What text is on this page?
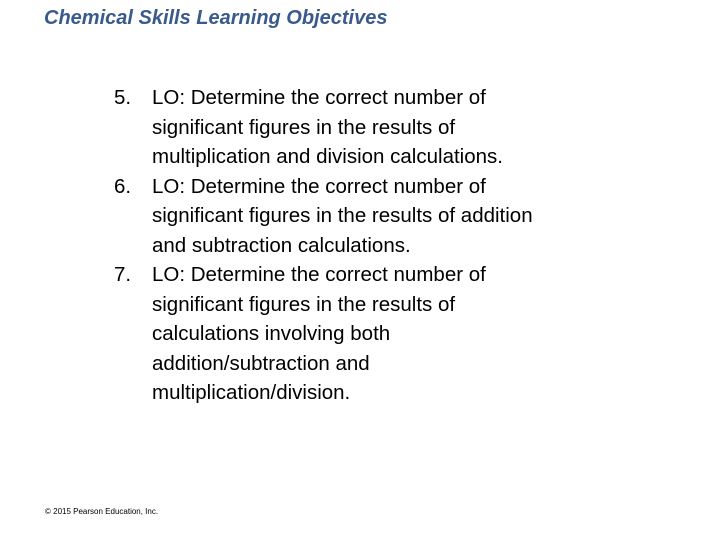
Chemical Skills Learning Objectives
5.	LO: Determine the correct number of
significant figures in the results of
multiplication and division calculations.
6.	LO: Determine the correct number of
significant figures in the results of addition
and subtraction calculations.
7.	LO: Determine the correct number of
significant figures in the results of
calculations involving both
addition/subtraction and
multiplication/division.
© 2015 Pearson Education, Inc.
